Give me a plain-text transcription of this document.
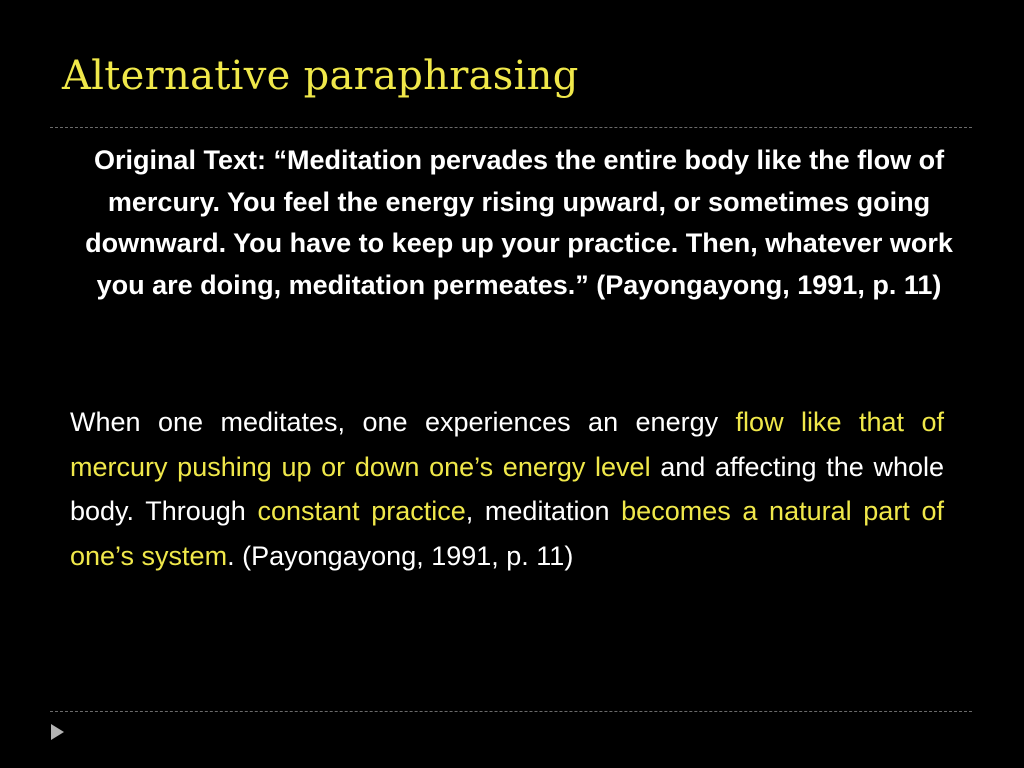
Alternative paraphrasing

Original Text: “Meditation pervades the entire body like the flow of mercury. You feel the energy rising upward, or sometimes going downward. You have to keep up your practice. Then, whatever work you are doing, meditation permeates.” (Payongayong, 1991, p. 11)

When one meditates, one experiences an energy flow like that of mercury pushing up or down one’s energy level and affecting the whole body. Through constant practice, meditation becomes a natural part of one’s system. (Payongayong, 1991, p. 11)
